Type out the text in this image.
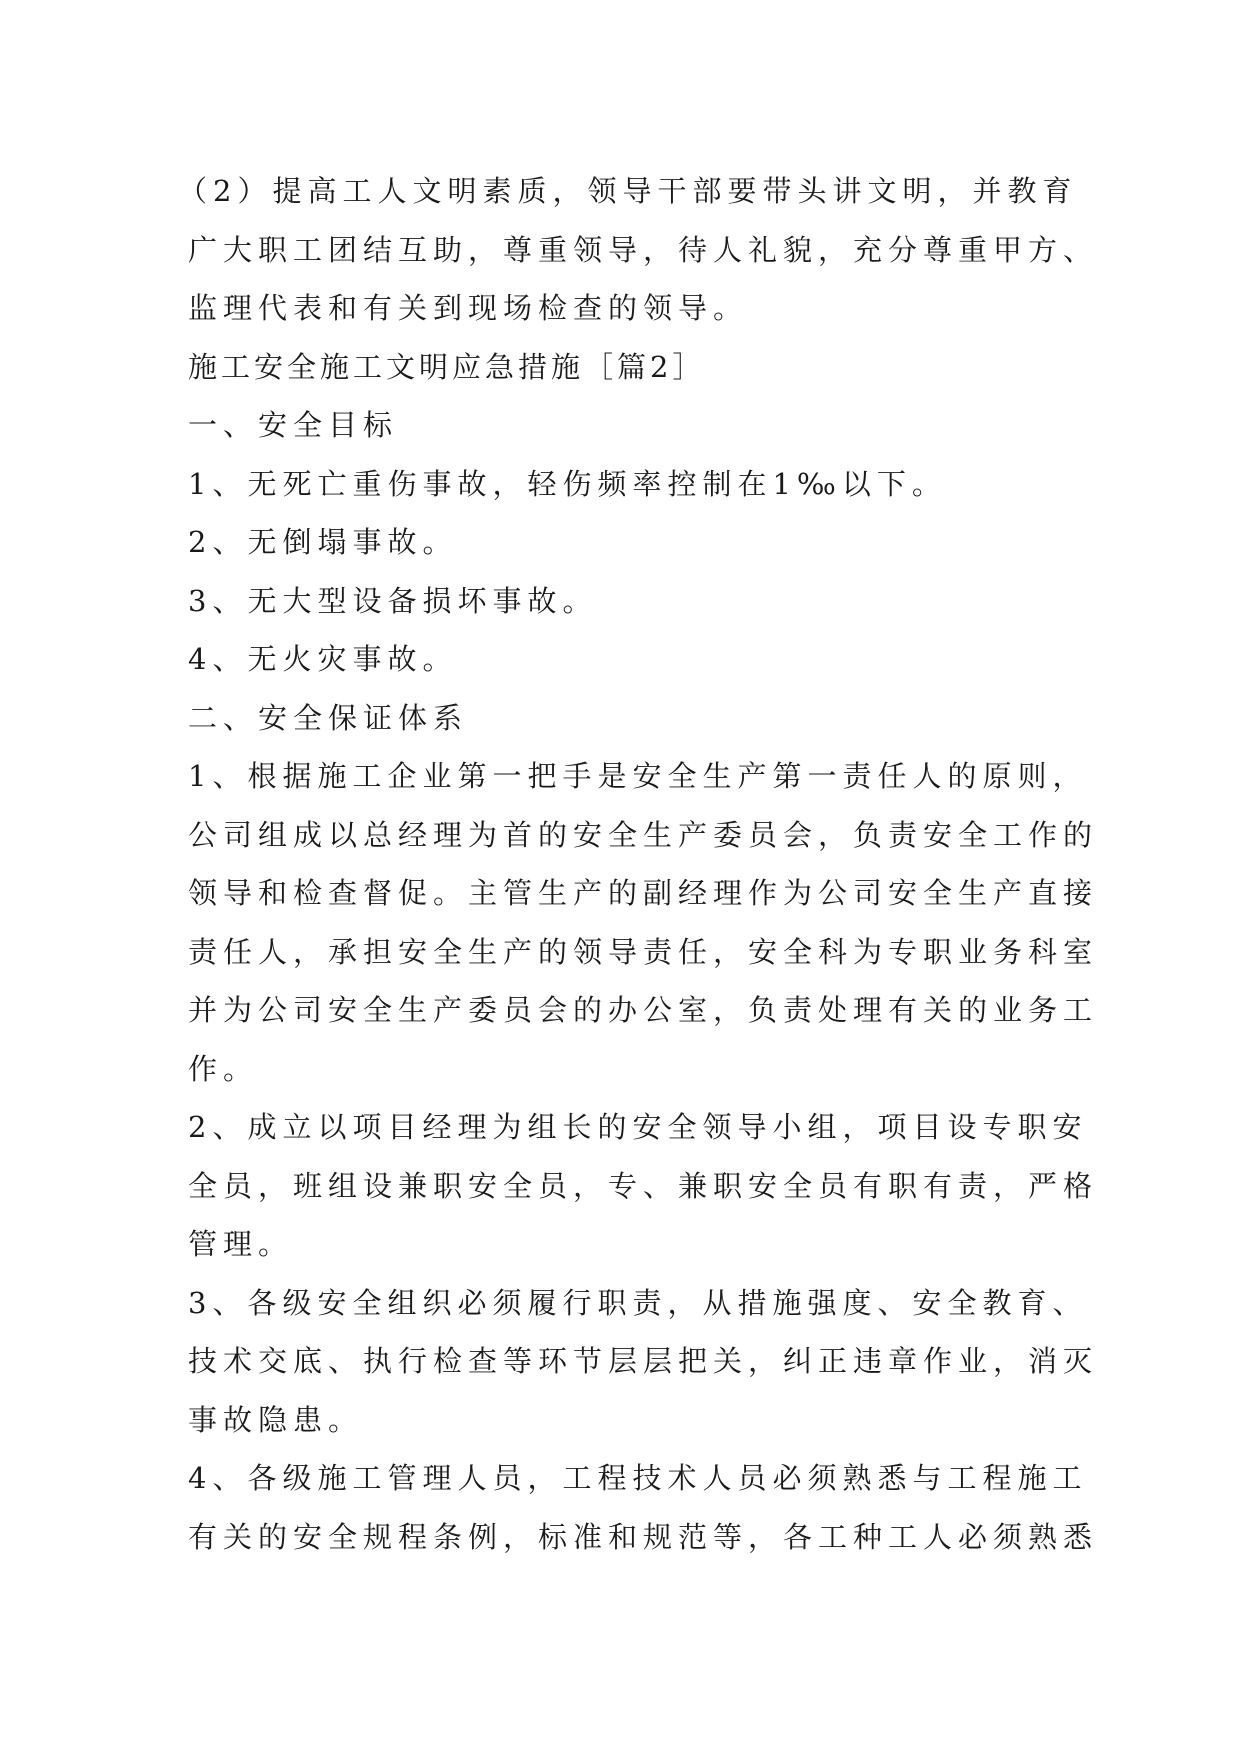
（2）提高工人文明素质，领导干部要带头讲文明，并教育
广大职工团结互助，尊重领导，待人礼貌，充分尊重甲方、
监理代表和有关到现场检查的领导。
施工安全施工文明应急措施［篇2］
一、安全目标
1、无死亡重伤事故，轻伤频率控制在1‰以下。
2、无倒塌事故。
3、无大型设备损坏事故。
4、无火灾事故。
二、安全保证体系
1、根据施工企业第一把手是安全生产第一责任人的原则，
公司组成以总经理为首的安全生产委员会，负责安全工作的
领导和检查督促。主管生产的副经理作为公司安全生产直接
责任人，承担安全生产的领导责任，安全科为专职业务科室
并为公司安全生产委员会的办公室，负责处理有关的业务工
作。
2、成立以项目经理为组长的安全领导小组，项目设专职安
全员，班组设兼职安全员，专、兼职安全员有职有责，严格
管理。
3、各级安全组织必须履行职责，从措施强度、安全教育、
技术交底、执行检查等环节层层把关，纠正违章作业，消灭
事故隐患。
4、各级施工管理人员，工程技术人员必须熟悉与工程施工
有关的安全规程条例，标准和规范等，各工种工人必须熟悉
